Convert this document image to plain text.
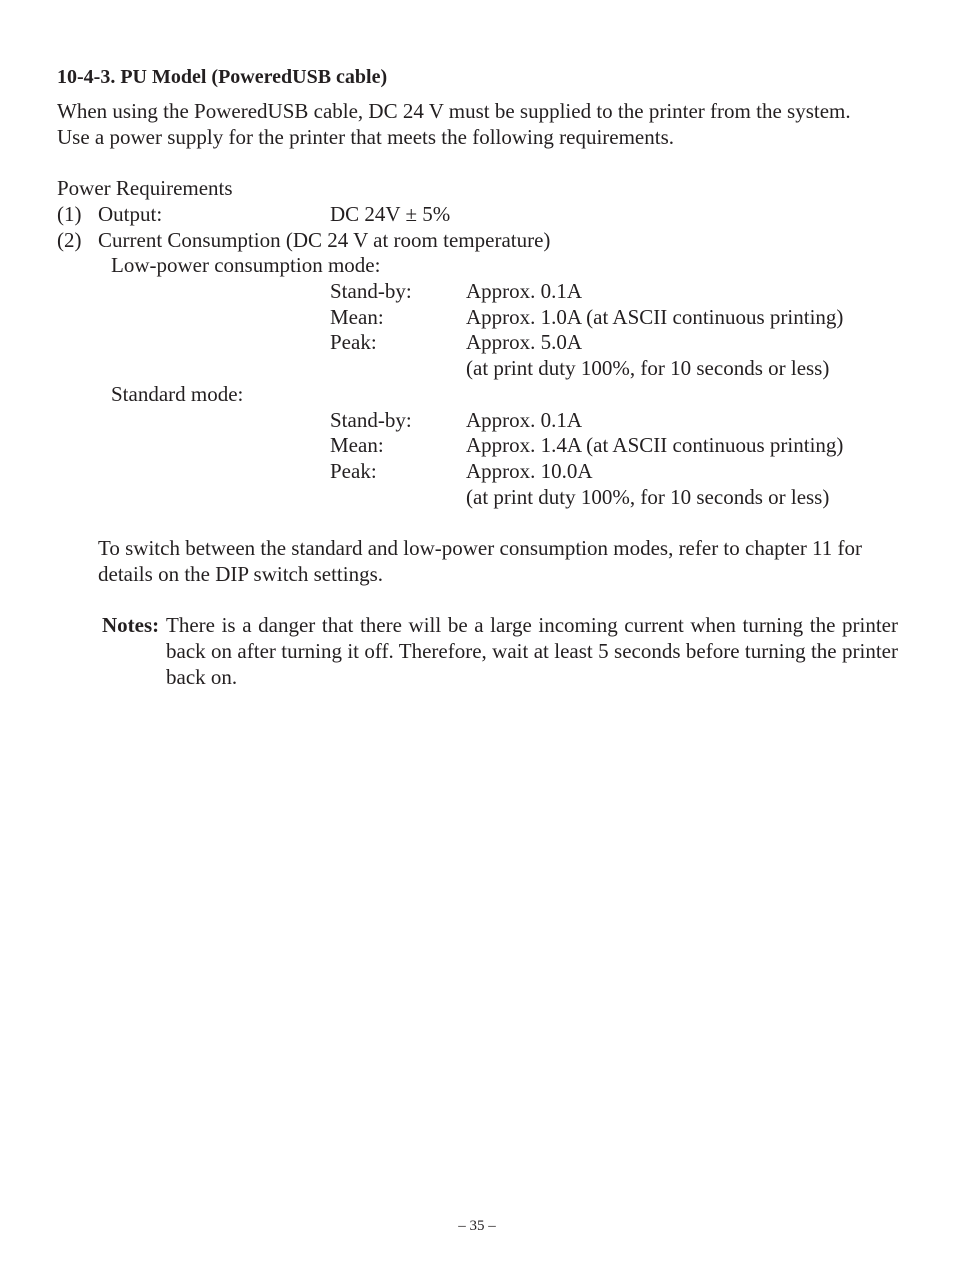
10-4-3. PU Model (PoweredUSB cable)
When using the PoweredUSB cable, DC 24 V must be supplied to the printer from the system.
Use a power supply for the printer that meets the following requirements.
Power Requirements
(1) Output:	DC 24V ± 5%
(2) Current Consumption (DC 24 V at room temperature)
Low-power consumption mode:
Stand-by:	Approx. 0.1A
Mean:	Approx. 1.0A (at ASCII continuous printing)
Peak:	Approx. 5.0A
(at print duty 100%, for 10 seconds or less)
Standard mode:
Stand-by:	Approx. 0.1A
Mean:	Approx. 1.4A (at ASCII continuous printing)
Peak:	Approx. 10.0A
(at print duty 100%, for 10 seconds or less)
To switch between the standard and low-power consumption modes, refer to chapter 11 for
details on the DIP switch settings.
Notes: There is a danger that there will be a large incoming current when turning the printer back on after turning it off. Therefore, wait at least 5 seconds before turning the printer back on.
– 35 –
